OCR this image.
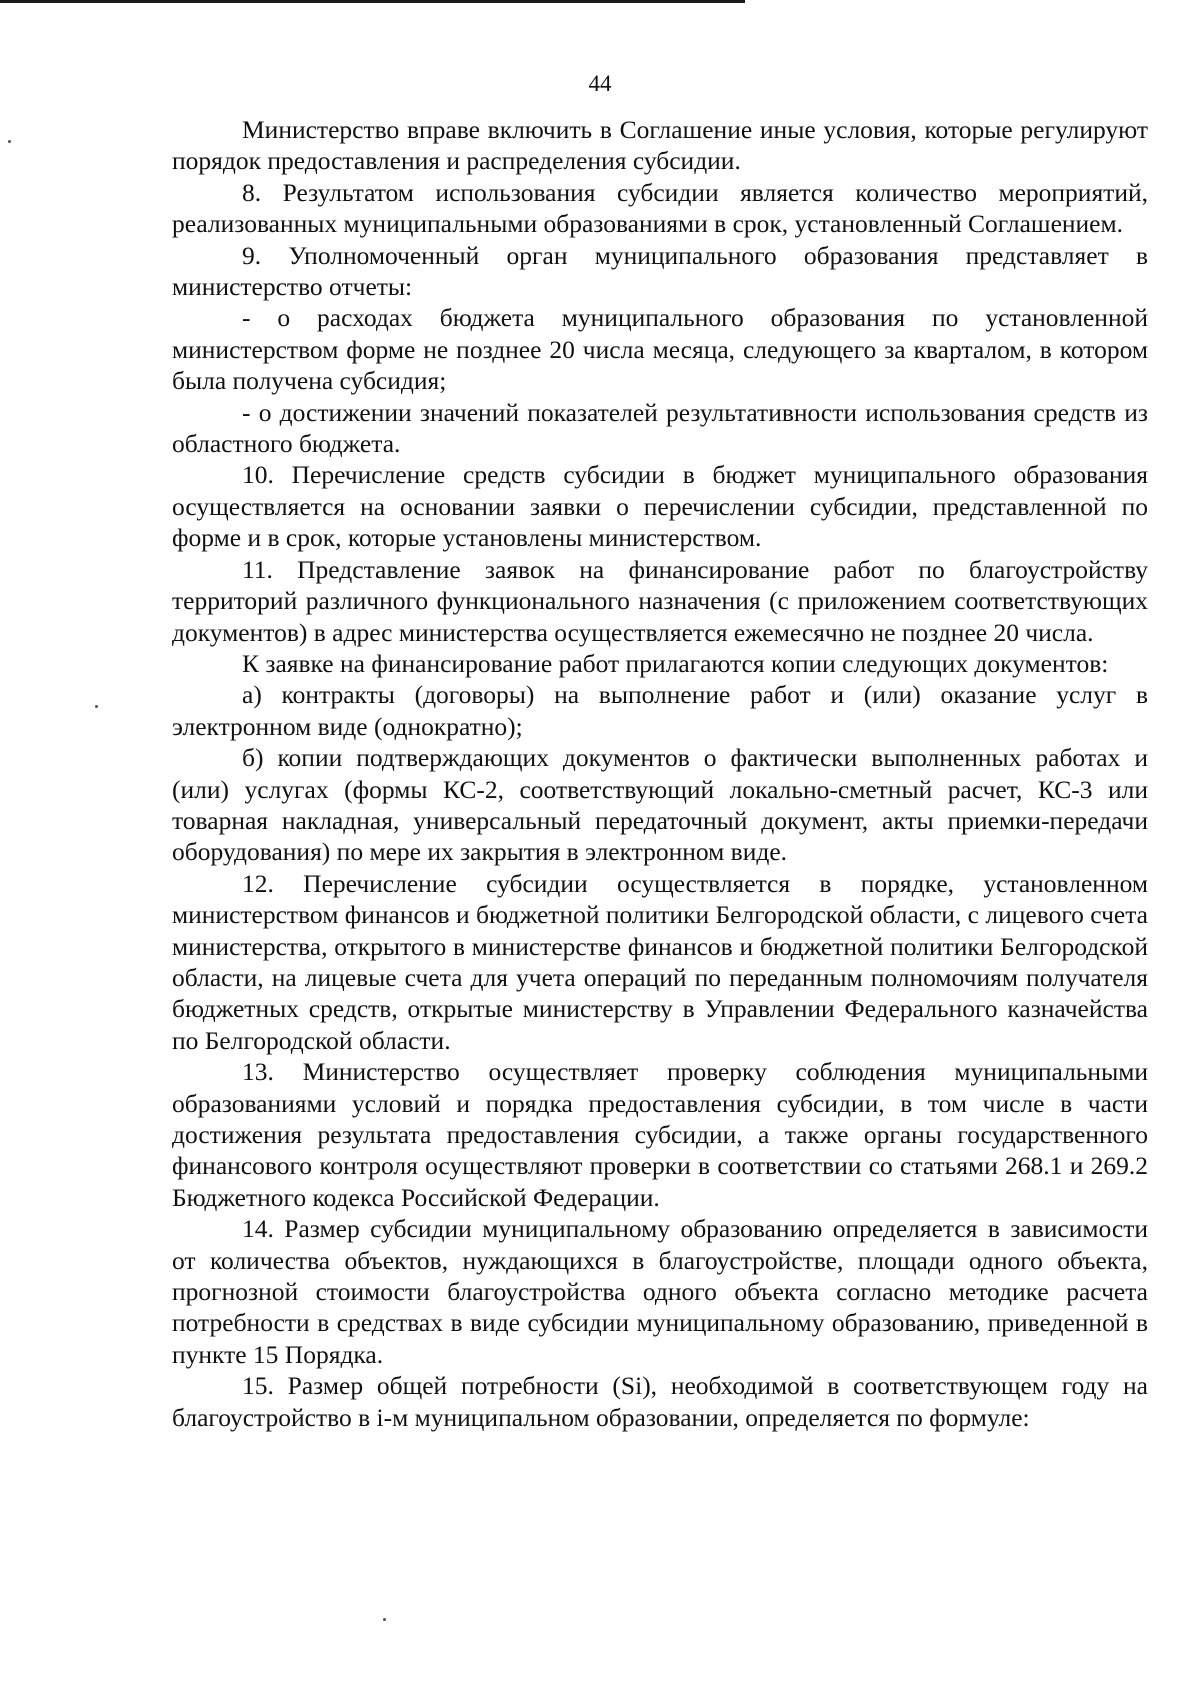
44

Министерство вправе включить в Соглашение иные условия, которые регулируют порядок предоставления и распределения субсидии.

8. Результатом использования субсидии является количество мероприятий, реализованных муниципальными образованиями в срок, установленный Соглашением.

9. Уполномоченный орган муниципального образования представляет в министерство отчеты:

- о расходах бюджета муниципального образования по установленной министерством форме не позднее 20 числа месяца, следующего за кварталом, в котором была получена субсидия;

- о достижении значений показателей результативности использования средств из областного бюджета.

10. Перечисление средств субсидии в бюджет муниципального образования осуществляется на основании заявки о перечислении субсидии, представленной по форме и в срок, которые установлены министерством.

11. Представление заявок на финансирование работ по благоустройству территорий различного функционального назначения (с приложением соответствующих документов) в адрес министерства осуществляется ежемесячно не позднее 20 числа.

К заявке на финансирование работ прилагаются копии следующих документов:

а) контракты (договоры) на выполнение работ и (или) оказание услуг в электронном виде (однократно);

б) копии подтверждающих документов о фактически выполненных работах и (или) услугах (формы КС-2, соответствующий локально-сметный расчет, КС-3 или товарная накладная, универсальный передаточный документ, акты приемки-передачи оборудования) по мере их закрытия в электронном виде.

12. Перечисление субсидии осуществляется в порядке, установленном министерством финансов и бюджетной политики Белгородской области, с лицевого счета министерства, открытого в министерстве финансов и бюджетной политики Белгородской области, на лицевые счета для учета операций по переданным полномочиям получателя бюджетных средств, открытые министерству в Управлении Федерального казначейства по Белгородской области.

13. Министерство осуществляет проверку соблюдения муниципальными образованиями условий и порядка предоставления субсидии, в том числе в части достижения результата предоставления субсидии, а также органы государственного финансового контроля осуществляют проверки в соответствии со статьями 268.1 и 269.2 Бюджетного кодекса Российской Федерации.

14. Размер субсидии муниципальному образованию определяется в зависимости от количества объектов, нуждающихся в благоустройстве, площади одного объекта, прогнозной стоимости благоустройства одного объекта согласно методике расчета потребности в средствах в виде субсидии муниципальному образованию, приведенной в пункте 15 Порядка.

15. Размер общей потребности (Si), необходимой в соответствующем году на благоустройство в i-м муниципальном образовании, определяется по формуле:
